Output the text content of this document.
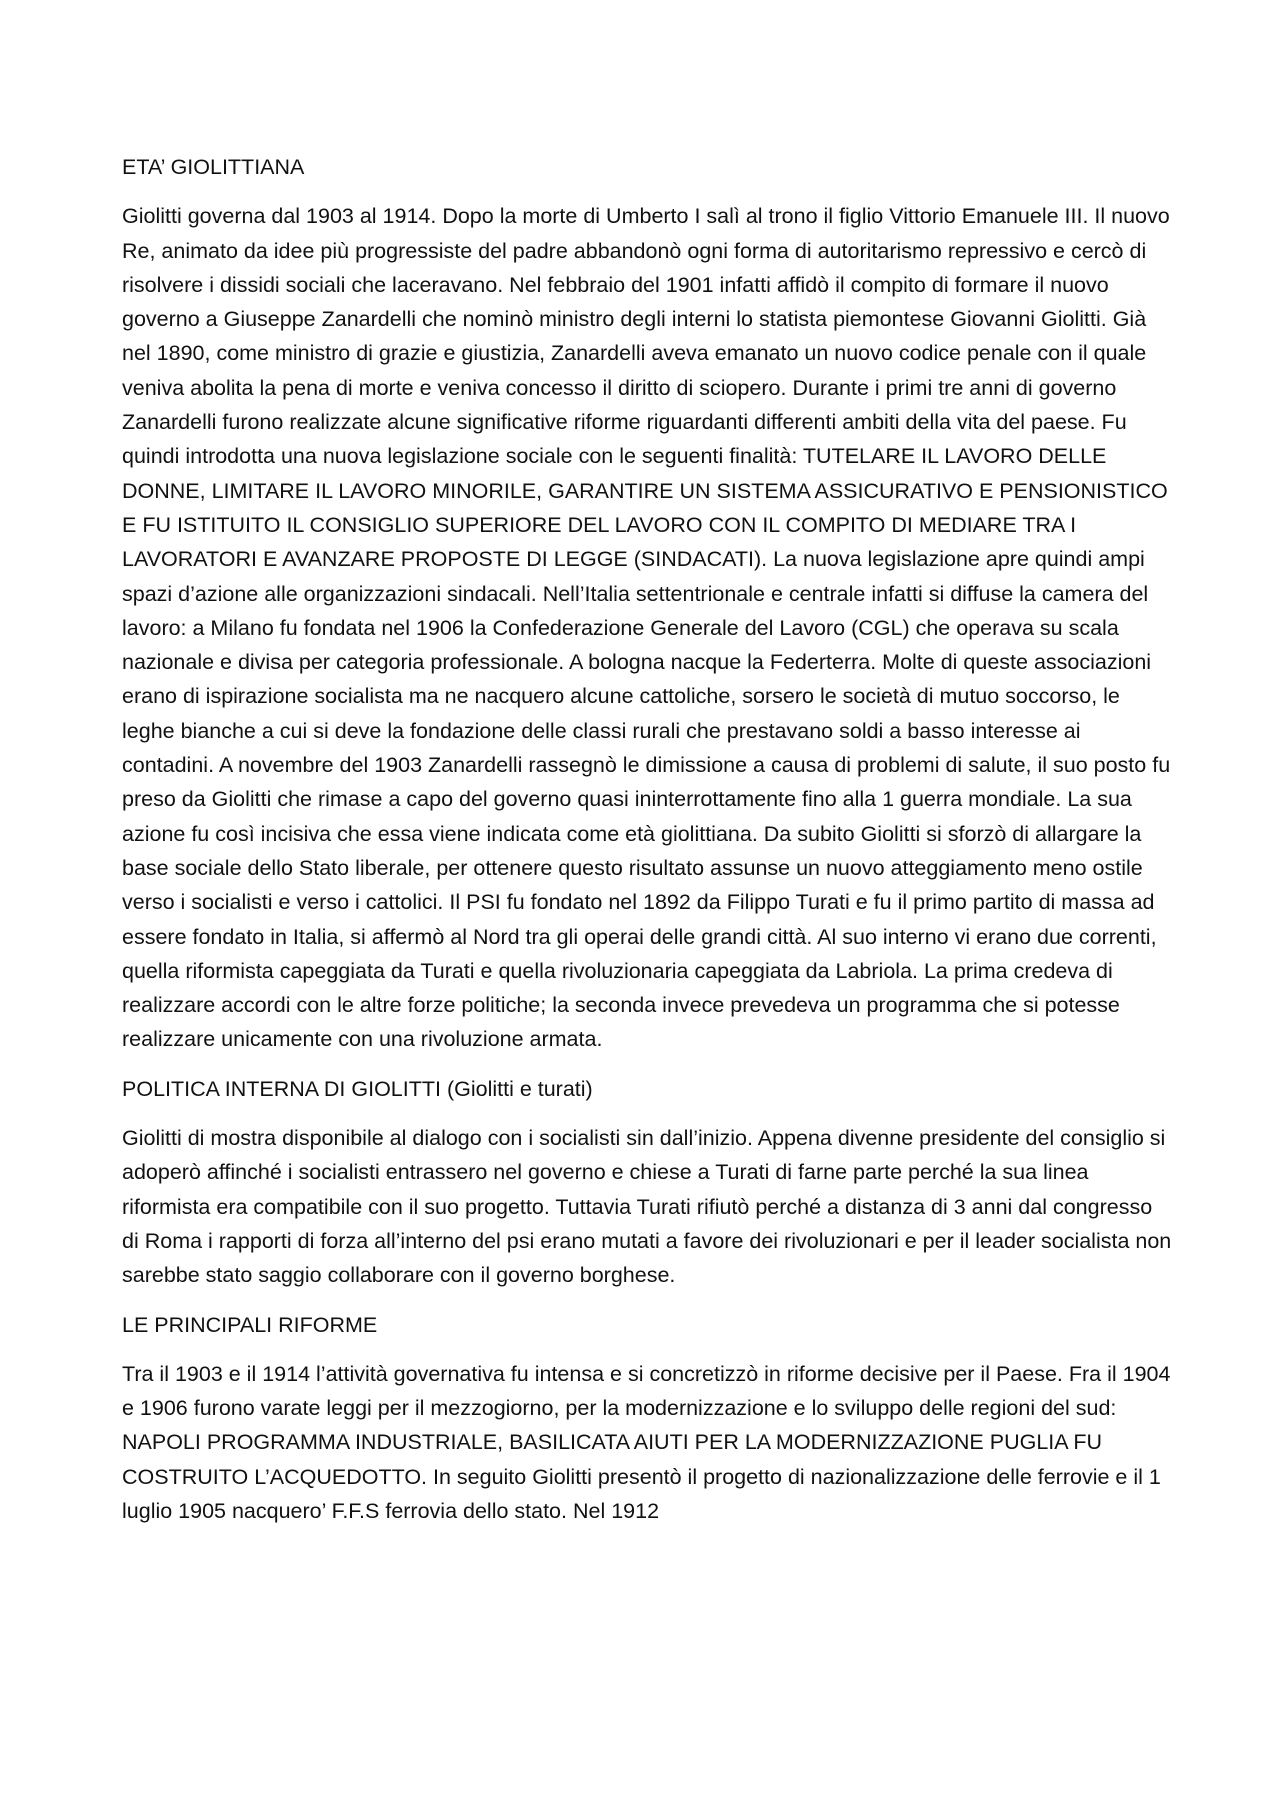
ETA’ GIOLITTIANA
Giolitti governa dal 1903 al 1914. Dopo la morte di Umberto I salì al trono il figlio Vittorio Emanuele III. Il nuovo Re, animato da idee più progressiste del padre abbandonò ogni forma di autoritarismo repressivo e cercò di risolvere i dissidi sociali che laceravano. Nel febbraio del 1901 infatti affidò il compito di formare il nuovo governo a Giuseppe Zanardelli che nominò ministro degli interni lo statista piemontese Giovanni Giolitti. Già nel 1890, come ministro di grazie e giustizia, Zanardelli aveva emanato un nuovo codice penale con il quale veniva abolita la pena di morte e veniva concesso il diritto di sciopero. Durante i primi tre anni di governo Zanardelli furono realizzate alcune significative riforme riguardanti differenti ambiti della vita del paese. Fu quindi introdotta una nuova legislazione sociale con le seguenti finalità: TUTELARE IL LAVORO DELLE DONNE, LIMITARE IL LAVORO MINORILE, GARANTIRE UN SISTEMA ASSICURATIVO E PENSIONISTICO E FU ISTITUITO IL CONSIGLIO SUPERIORE DEL LAVORO CON IL COMPITO DI MEDIARE TRA I LAVORATORI E AVANZARE PROPOSTE DI LEGGE (SINDACATI). La nuova legislazione apre quindi ampi spazi d’azione alle organizzazioni sindacali. Nell’Italia settentrionale e centrale infatti si diffuse la camera del lavoro: a Milano fu fondata nel 1906 la Confederazione Generale del Lavoro (CGL) che operava su scala nazionale e divisa per categoria professionale. A bologna nacque la Federterra. Molte di queste associazioni erano di ispirazione socialista ma ne nacquero alcune cattoliche, sorsero le società di mutuo soccorso, le leghe bianche a cui si deve la fondazione delle classi rurali che prestavano soldi a basso interesse ai contadini. A novembre del 1903 Zanardelli rassegnò le dimissione a causa di problemi di salute, il suo posto fu preso da Giolitti che rimase a capo del governo quasi ininterrottamente fino alla 1 guerra mondiale. La sua azione fu così incisiva che essa viene indicata come età giolittiana. Da subito Giolitti si sforzò di allargare la base sociale dello Stato liberale, per ottenere questo risultato assunse un nuovo atteggiamento meno ostile verso i socialisti e verso i cattolici. Il PSI fu fondato nel 1892 da Filippo Turati e fu il primo partito di massa ad essere fondato in Italia, si affermò al Nord tra gli operai delle grandi città. Al suo interno vi erano due correnti, quella riformista capeggiata da Turati e quella rivoluzionaria capeggiata da Labriola. La prima credeva di realizzare accordi con le altre forze politiche; la seconda invece prevedeva un programma che si potesse realizzare unicamente con una rivoluzione armata.
POLITICA INTERNA DI GIOLITTI (Giolitti e turati)
Giolitti di mostra disponibile al dialogo con i socialisti sin dall’inizio. Appena divenne presidente del consiglio si adoperò affinché i socialisti entrassero nel governo e chiese a Turati di farne parte perché la sua linea riformista era compatibile con il suo progetto. Tuttavia Turati rifiutò perché a distanza di 3 anni dal congresso di Roma i rapporti di forza all’interno del psi erano mutati a favore dei rivoluzionari e per il leader socialista non sarebbe stato saggio collaborare con il governo borghese.
LE PRINCIPALI RIFORME
Tra il 1903 e il 1914 l’attività governativa fu intensa e si concretizzò in riforme decisive per il Paese. Fra il 1904 e 1906 furono varate leggi per il mezzogiorno, per la modernizzazione e lo sviluppo delle regioni del sud: NAPOLI PROGRAMMA INDUSTRIALE, BASILICATA AIUTI PER LA MODERNIZZAZIONE PUGLIA FU COSTRUITO L’ACQUEDOTTO. In seguito Giolitti presentò il progetto di nazionalizzazione delle ferrovie e il 1 luglio 1905 nacquero’ F.F.S ferrovia dello stato. Nel 1912
